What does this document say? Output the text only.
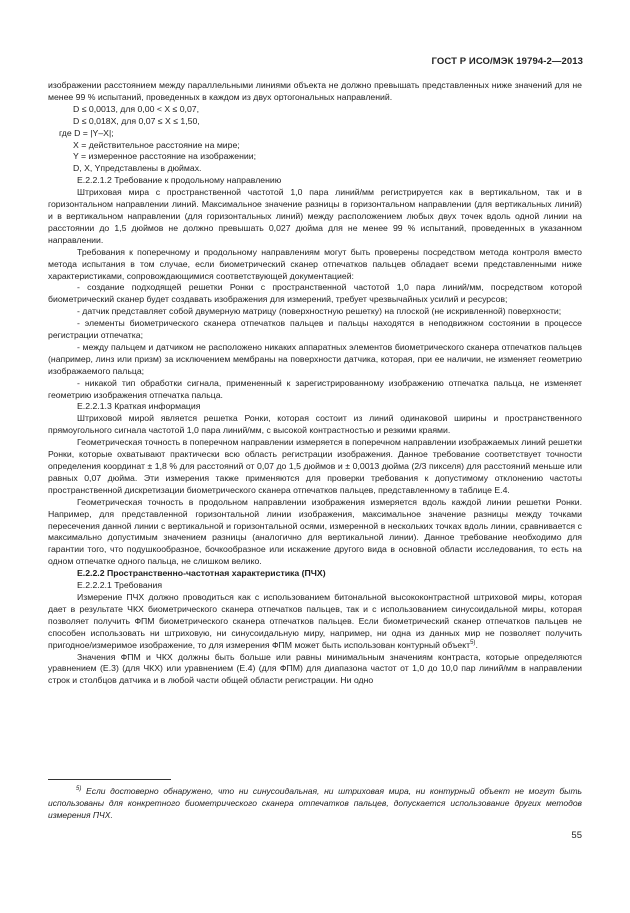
ГОСТ Р ИСО/МЭК 19794-2—2013

изображении расстоянием между параллельными линиями объекта не должно превышать представленных ниже значений для не менее 99 % испытаний, проведенных в каждом из двух ортогональных направлений.

D ≤ 0,0013, для 0,00 < X ≤ 0,07,

D ≤ 0,018X, для 0,07 ≤ X ≤ 1,50,

где D = |Y–X|;

X = действительное расстояние на мире;

Y = измеренное расстояние на изображении;

D, X, Yпредставлены в дюймах.

Е.2.2.1.2 Требование к продольному направлению

Штриховая мира с пространственной частотой 1,0 пара линий/мм регистрируется как в вертикальном, так и в горизонтальном направлении линий. Максимальное значение разницы в горизонтальном направлении (для вертикальных линий) и в вертикальном направлении (для горизонтальных линий) между расположением любых двух точек вдоль одной линии на расстоянии до 1,5 дюймов не должно превышать 0,027 дюйма для не менее 99 % испытаний, проведенных в указанном направлении.

Требования к поперечному и продольному направлениям могут быть проверены посредством метода контроля вместо метода испытания в том случае, если биометрический сканер отпечатков пальцев обладает всеми представленными ниже характеристиками, сопровождающимися соответствующей документацией:

- создание подходящей решетки Ронки с пространственной частотой 1,0 пара линий/мм, посредством которой биометрический сканер будет создавать изображения для измерений, требует чрезвычайных усилий и ресурсов;

- датчик представляет собой двумерную матрицу (поверхностную решетку) на плоской (не искривленной) поверхности;

- элементы биометрического сканера отпечатков пальцев и пальцы находятся в неподвижном состоянии в процессе регистрации отпечатка;

- между пальцем и датчиком не расположено никаких аппаратных элементов биометрического сканера отпечатков пальцев (например, линз или призм) за исключением мембраны на поверхности датчика, которая, при ее наличии, не изменяет геометрию изображаемого пальца;

- никакой тип обработки сигнала, примененный к зарегистрированному изображению отпечатка пальца, не изменяет геометрию изображения отпечатка пальца.

Е.2.2.1.3 Краткая информация

Штриховой мирой является решетка Ронки, которая состоит из линий одинаковой ширины и пространственного прямоугольного сигнала частотой 1,0 пара линий/мм, с высокой контрастностью и резкими краями.

Геометрическая точность в поперечном направлении измеряется в поперечном направлении изображаемых линий решетки Ронки, которые охватывают практически всю область регистрации изображения. Данное требование соответствует точности определения координат ± 1,8 % для расстояний от 0,07 до 1,5 дюймов и ± 0,0013 дюйма (2/3 пикселя) для расстояний меньше или равных 0,07 дюйма. Эти измерения также применяются для проверки требования к допустимому отклонению частоты пространственной дискретизации биометрического сканера отпечатков пальцев, представленному в таблице Е.4.

Геометрическая точность в продольном направлении изображения измеряется вдоль каждой линии решетки Ронки. Например, для представленной горизонтальной линии изображения, максимальное значение разницы между точками пересечения данной линии с вертикальной и горизонтальной осями, измеренной в нескольких точках вдоль линии, сравнивается с максимально допустимым значением разницы (аналогично для вертикальной линии). Данное требование необходимо для гарантии того, что подушкообразное, бочкообразное или искажение другого вида в основной области исследования, то есть на одном отпечатке одного пальца, не слишком велико.

Е.2.2.2 Пространственно-частотная характеристика (ПЧХ)

Е.2.2.2.1 Требования

Измерение ПЧХ должно проводиться как с использованием битональной высококонтрастной штриховой миры, которая дает в результате ЧКХ биометрического сканера отпечатков пальцев, так и с использованием синусоидальной миры, которая позволяет получить ФПМ биометрического сканера отпечатков пальцев. Если биометрический сканер отпечатков пальцев не способен использовать ни штриховую, ни синусоидальную миру, например, ни одна из данных мир не позволяет получить пригодное/измеримое изображение, то для измерения ФПМ может быть использован контурный объект$^{5)}$.

Значения ФПМ и ЧКХ должны быть больше или равны минимальным значениям контраста, которые определяются уравнением (Е.3) (для ЧКХ) или уравнением (Е.4) (для ФПМ) для диапазона частот от 1,0 до 10,0 пар линий/мм в направлении строк и столбцов датчика и в любой части общей области регистрации. Ни одно

$^{5)}$ Если достоверно обнаружено, что ни синусоидальная, ни штриховая мира, ни контурный объект не могут быть использованы для конкретного биометрического сканера отпечатков пальцев, допускается использование других методов измерения ПЧХ.
55
